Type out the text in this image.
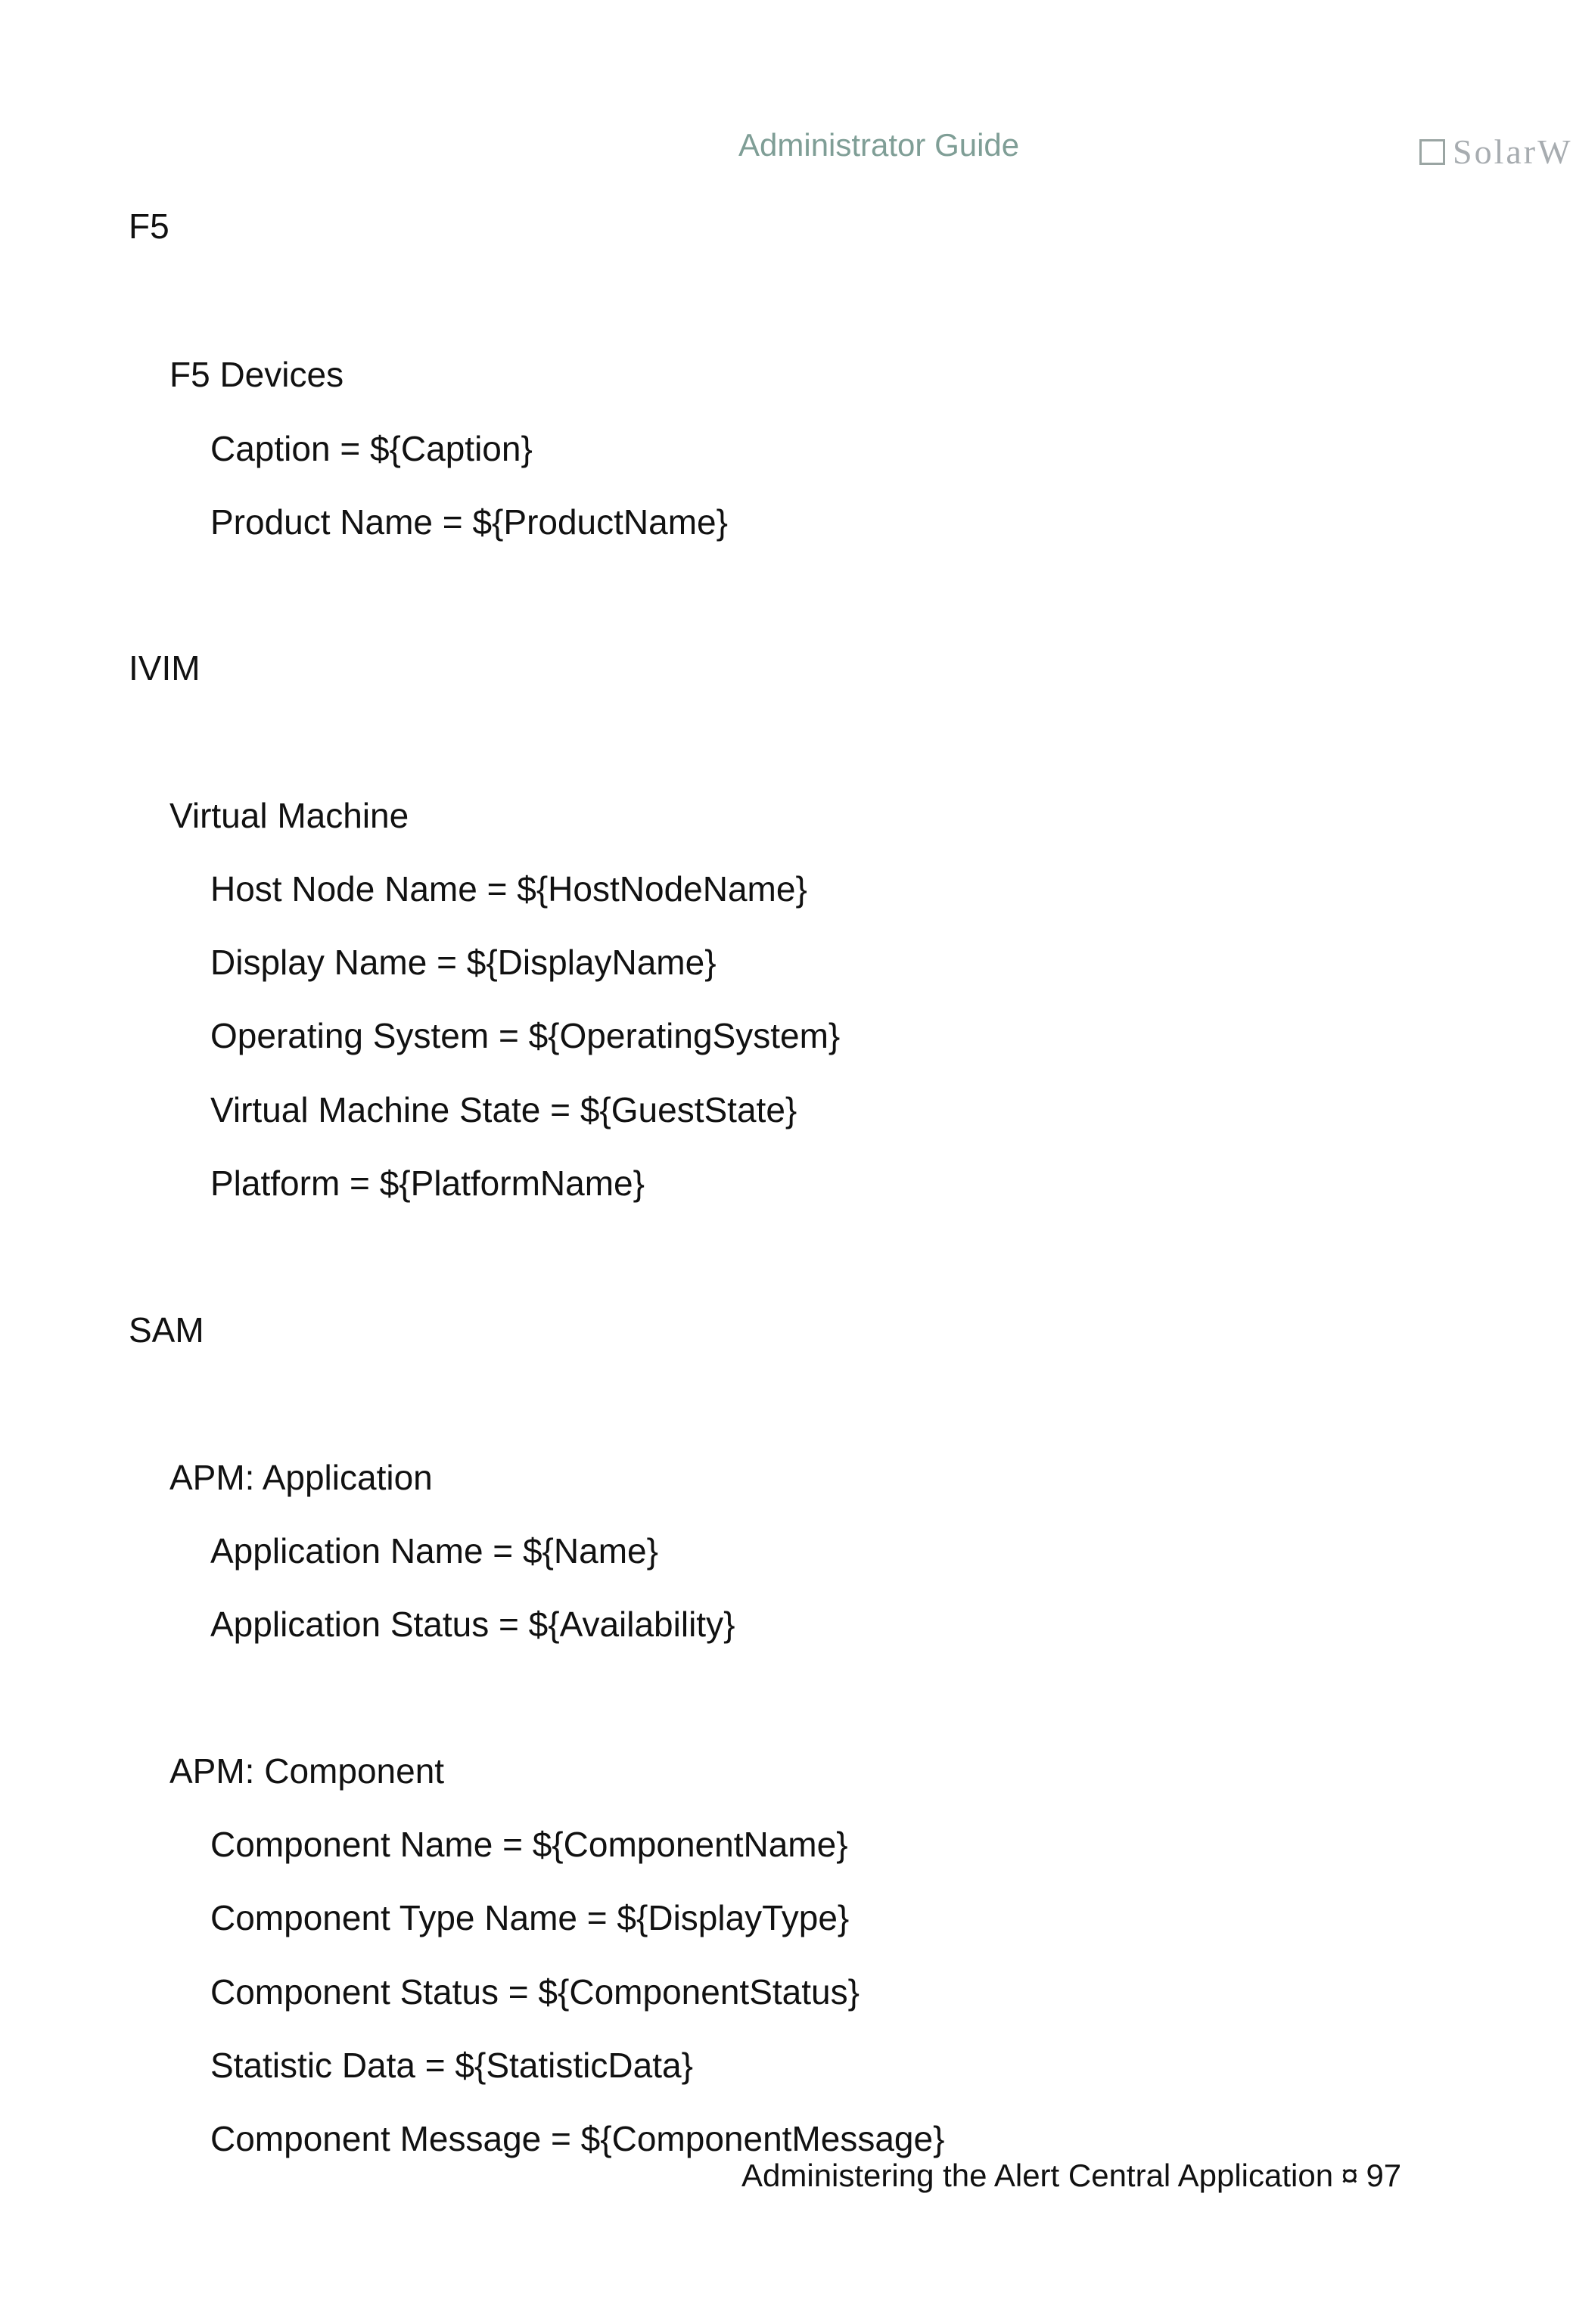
Administrator Guide	SolarW
F5
F5 Devices
Caption = ${Caption}
Product Name = ${ProductName}
IVIM
Virtual Machine
Host Node Name = ${HostNodeName}
Display Name = ${DisplayName}
Operating System = ${OperatingSystem}
Virtual Machine State = ${GuestState}
Platform = ${PlatformName}
SAM
APM: Application
Application Name = ${Name}
Application Status = ${Availability}
APM: Component
Component Name = ${ComponentName}
Component Type Name = ${DisplayType}
Component Status = ${ComponentStatus}
Statistic Data = ${StatisticData}
Component Message = ${ComponentMessage}
Administering the Alert Central Application ¤ 97
